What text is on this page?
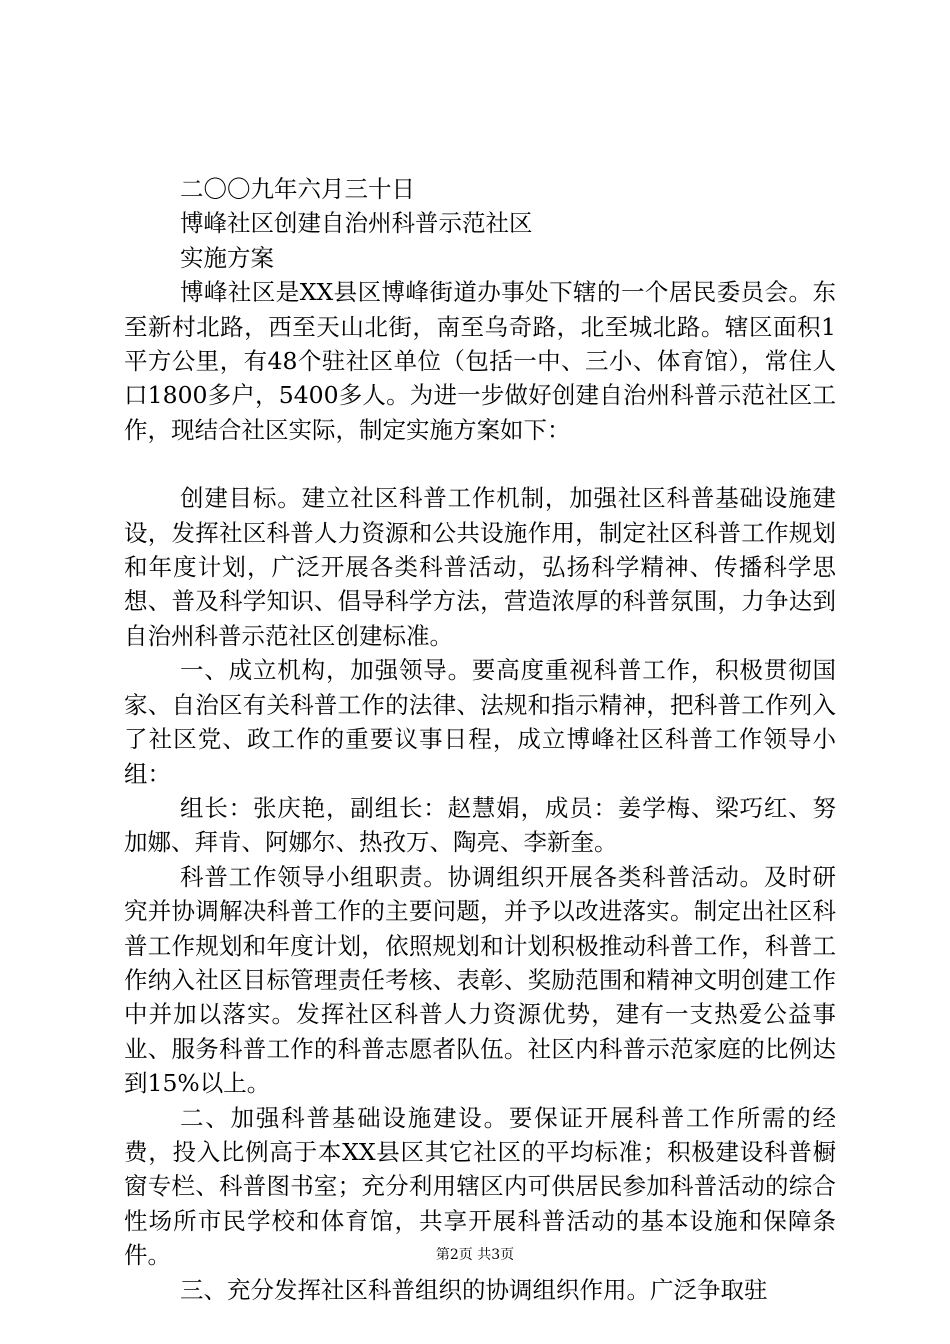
二〇〇九年六月三十日
博峰社区创建自治州科普示范社区
实施方案

博峰社区是XX县区博峰街道办事处下辖的一个居民委员会。东至新村北路，西至天山北街，南至乌奇路，北至城北路。辖区面积1平方公里，有48个驻社区单位（包括一中、三小、体育馆），常住人口1800多户，5400多人。为进一步做好创建自治州科普示范社区工作，现结合社区实际，制定实施方案如下：

创建目标。建立社区科普工作机制，加强社区科普基础设施建设，发挥社区科普人力资源和公共设施作用，制定社区科普工作规划和年度计划，广泛开展各类科普活动，弘扬科学精神、传播科学思想、普及科学知识、倡导科学方法，营造浓厚的科普氛围，力争达到自治州科普示范社区创建标准。

一、成立机构，加强领导。要高度重视科普工作，积极贯彻国家、自治区有关科普工作的法律、法规和指示精神，把科普工作列入了社区党、政工作的重要议事日程，成立博峰社区科普工作领导小组：

组长：张庆艳，副组长：赵慧娟，成员：姜学梅、梁巧红、努加娜、拜肯、阿娜尔、热孜万、陶亮、李新奎。

科普工作领导小组职责。协调组织开展各类科普活动。及时研究并协调解决科普工作的主要问题，并予以改进落实。制定出社区科普工作规划和年度计划，依照规划和计划积极推动科普工作，科普工作纳入社区目标管理责任考核、表彰、奖励范围和精神文明创建工作中并加以落实。发挥社区科普人力资源优势，建有一支热爱公益事业、服务科普工作的科普志愿者队伍。社区内科普示范家庭的比例达到15%以上。

二、加强科普基础设施建设。要保证开展科普工作所需的经费，投入比例高于本XX县区其它社区的平均标准；积极建设科普橱窗专栏、科普图书室；充分利用辖区内可供居民参加科普活动的综合性场所市民学校和体育馆，共享开展科普活动的基本设施和保障条件。

三、充分发挥社区科普组织的协调组织作用。广泛争取驻

第2页 共3页
